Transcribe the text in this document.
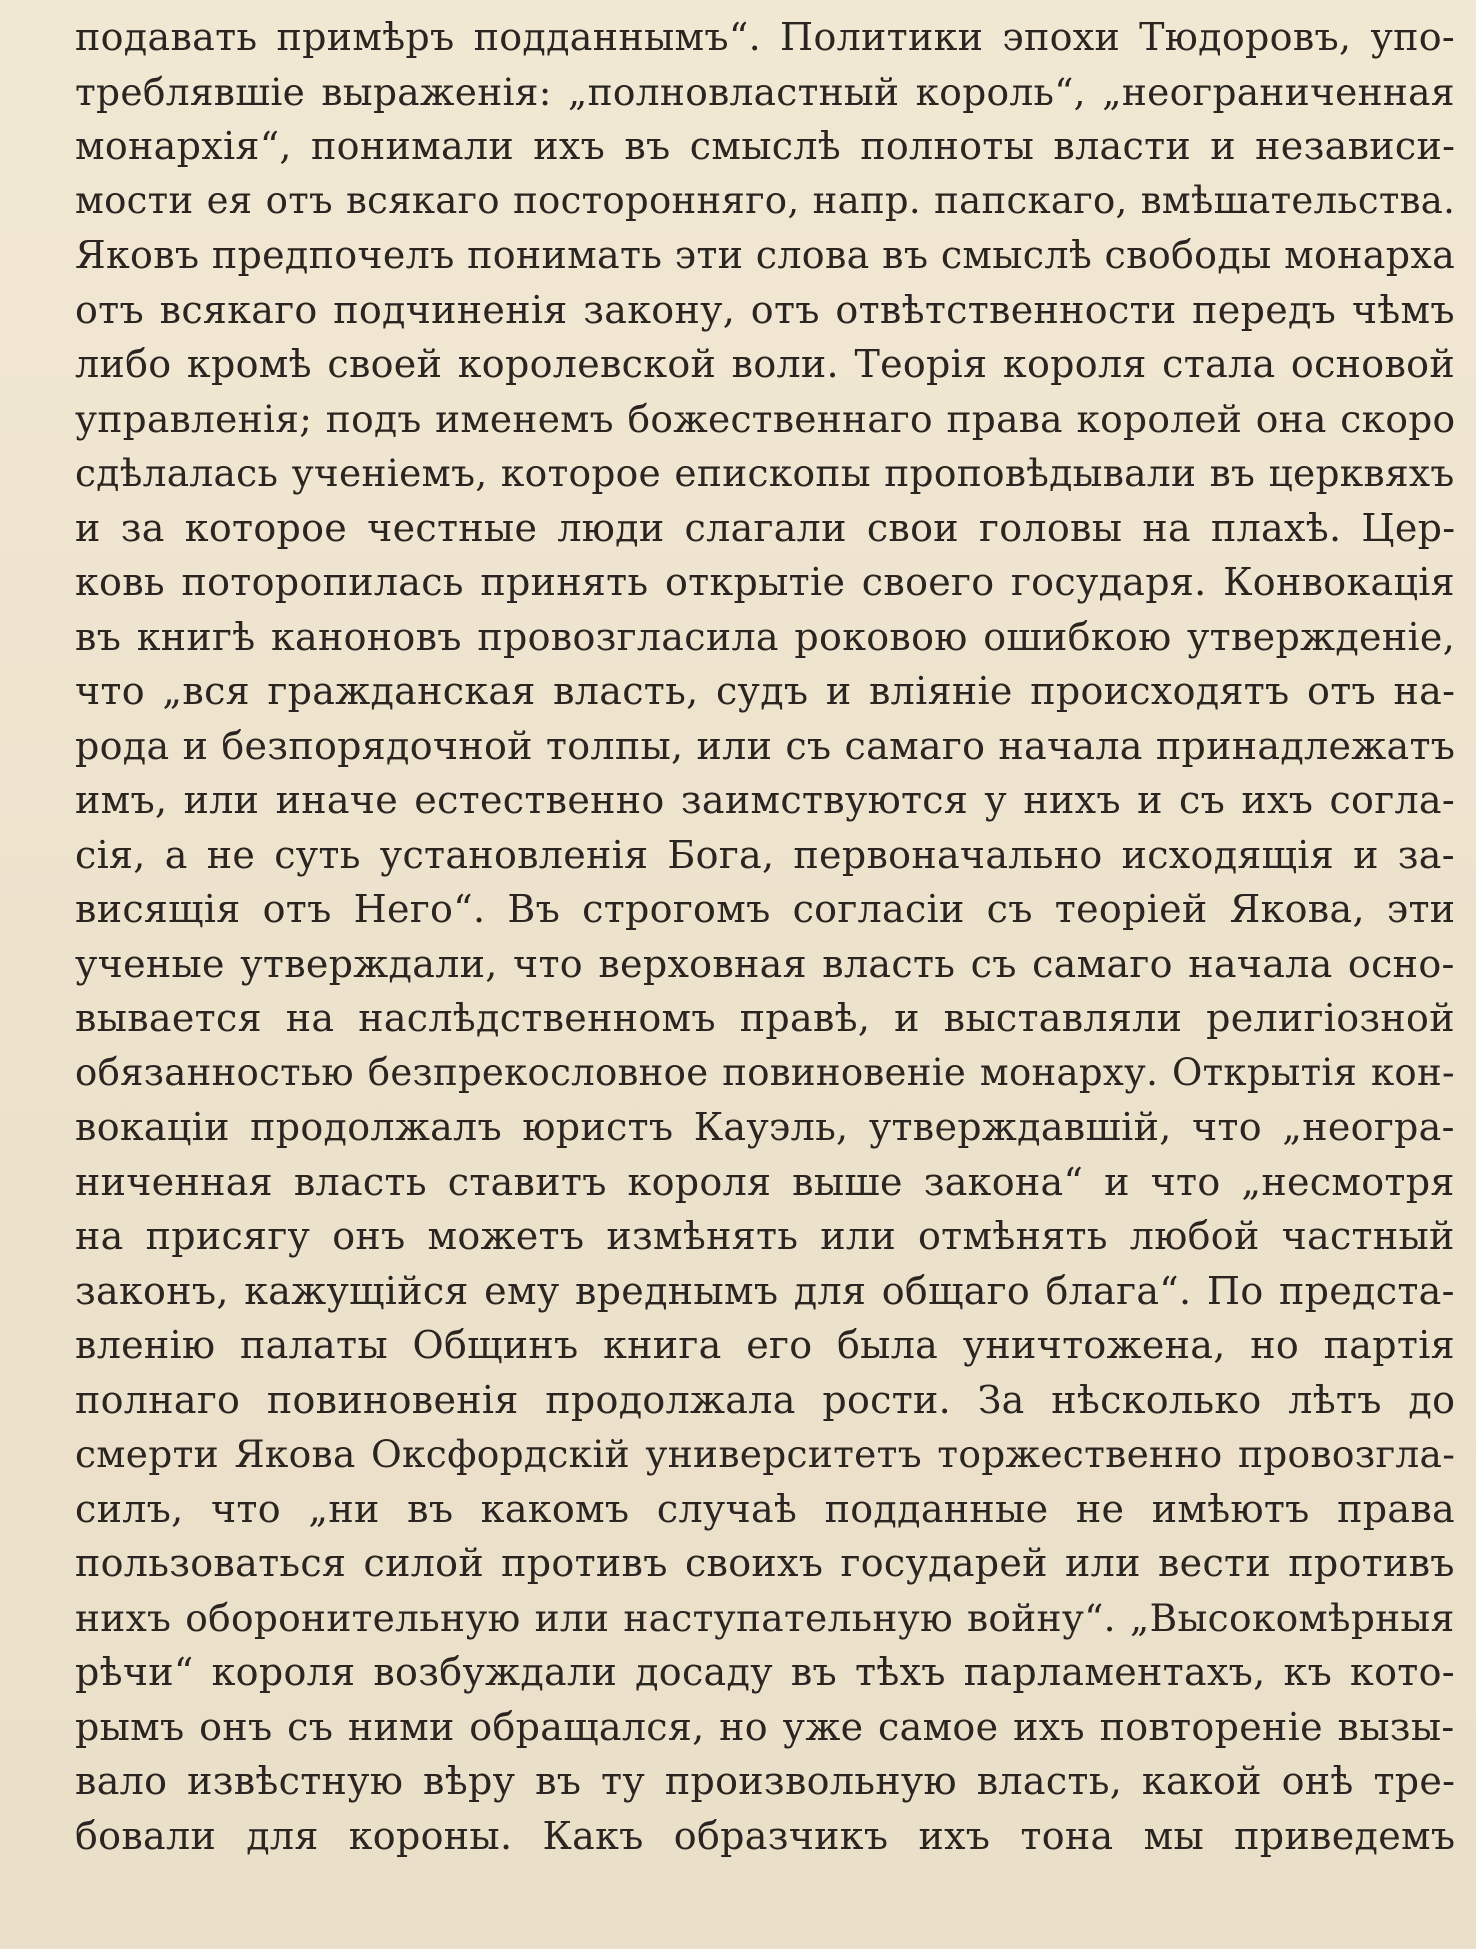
подавать примѣръ подданнымъ“. Политики эпохи Тюдоровъ, упо-
треблявшіе выраженія: „полновластный король“, „неограниченная
монархія“, понимали ихъ въ смыслѣ полноты власти и независи-
мости ея отъ всякаго посторонняго, напр. папскаго, вмѣшательства.
Яковъ предпочелъ понимать эти слова въ смыслѣ свободы монарха
отъ всякаго подчиненія закону, отъ отвѣтственности передъ чѣмъ
либо кромѣ своей королевской воли. Теорія короля стала основой
управленія; подъ именемъ божественнаго права королей она скоро
сдѣлалась ученіемъ, которое епископы проповѣдывали въ церквяхъ
и за которое честные люди слагали свои головы на плахѣ. Цер-
ковь поторопилась принять открытіе своего государя. Конвокація
въ книгѣ каноновъ провозгласила роковою ошибкою утвержденіе,
что „вся гражданская власть, судъ и вліяніе происходятъ отъ на-
рода и безпорядочной толпы, или съ самаго начала принадлежатъ
имъ, или иначе естественно заимствуются у нихъ и съ ихъ согла-
сія, а не суть установленія Бога, первоначально исходящія и за-
висящія отъ Него“. Въ строгомъ согласіи съ теоріей Якова, эти
ученые утверждали, что верховная власть съ самаго начала осно-
вывается на наслѣдственномъ правѣ, и выставляли религіозной
обязанностью безпрекословное повиновеніе монарху. Открытія кон-
вокаціи продолжалъ юристъ Кауэль, утверждавшій, что „неогра-
ниченная власть ставитъ короля выше закона“ и что „несмотря
на присягу онъ можетъ измѣнять или отмѣнять любой частный
законъ, кажущійся ему вреднымъ для общаго блага“. По предста-
вленію палаты Общинъ книга его была уничтожена, но партія
полнаго повиновенія продолжала рости. За нѣсколько лѣтъ до
смерти Якова Оксфордскій университетъ торжественно провозгла-
силъ, что „ни въ какомъ случаѣ подданные не имѣютъ права
пользоваться силой противъ своихъ государей или вести противъ
нихъ оборонительную или наступательную войну“. „Высокомѣрныя
рѣчи“ короля возбуждали досаду въ тѣхъ парламентахъ, къ кото-
рымъ онъ съ ними обращался, но уже самое ихъ повтореніе вызы-
вало извѣстную вѣру въ ту произвольную власть, какой онѣ тре-
бовали для короны. Какъ образчикъ ихъ тона мы приведемъ
